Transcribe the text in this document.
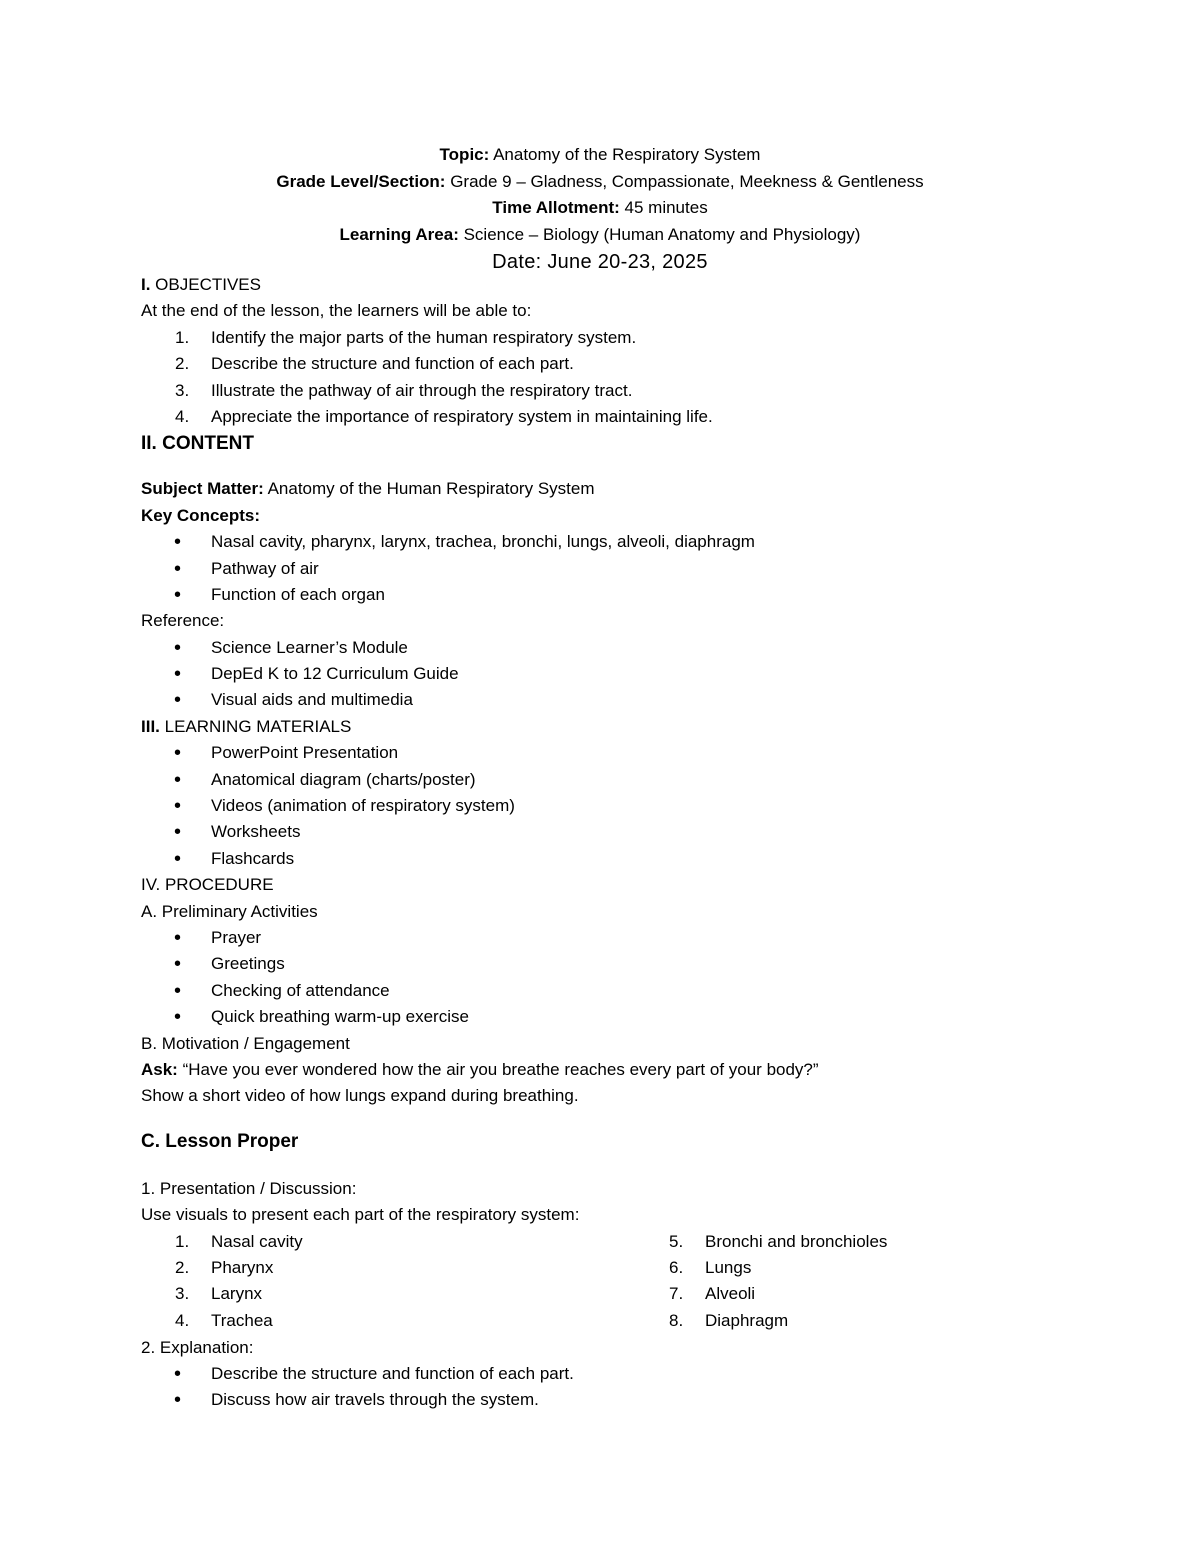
Topic: Anatomy of the Respiratory System
Grade Level/Section: Grade 9 – Gladness, Compassionate, Meekness & Gentleness
Time Allotment: 45 minutes
Learning Area: Science – Biology (Human Anatomy and Physiology)
Date: June 20-23, 2025
I. OBJECTIVES
At the end of the lesson, the learners will be able to:
1.	Identify the major parts of the human respiratory system.
2.	Describe the structure and function of each part.
3.	Illustrate the pathway of air through the respiratory tract.
4.	Appreciate the importance of respiratory system in maintaining life.
II. CONTENT
Subject Matter: Anatomy of the Human Respiratory System
Key Concepts:
• Nasal cavity, pharynx, larynx, trachea, bronchi, lungs, alveoli, diaphragm
• Pathway of air
• Function of each organ
Reference:
• Science Learner’s Module
• DepEd K to 12 Curriculum Guide
• Visual aids and multimedia
III. LEARNING MATERIALS
• PowerPoint Presentation
• Anatomical diagram (charts/poster)
• Videos (animation of respiratory system)
• Worksheets
• Flashcards
IV. PROCEDURE
A. Preliminary Activities
• Prayer
• Greetings
• Checking of attendance
• Quick breathing warm-up exercise
B. Motivation / Engagement
Ask: “Have you ever wondered how the air you breathe reaches every part of your body?”
Show a short video of how lungs expand during breathing.
C. Lesson Proper
1. Presentation / Discussion:
Use visuals to present each part of the respiratory system:
1.	Nasal cavity
2.	Pharynx
3.	Larynx
4.	Trachea
5.	Bronchi and bronchioles
6.	Lungs
7.	Alveoli
8.	Diaphragm
2. Explanation:
• Describe the structure and function of each part.
• Discuss how air travels through the system.
